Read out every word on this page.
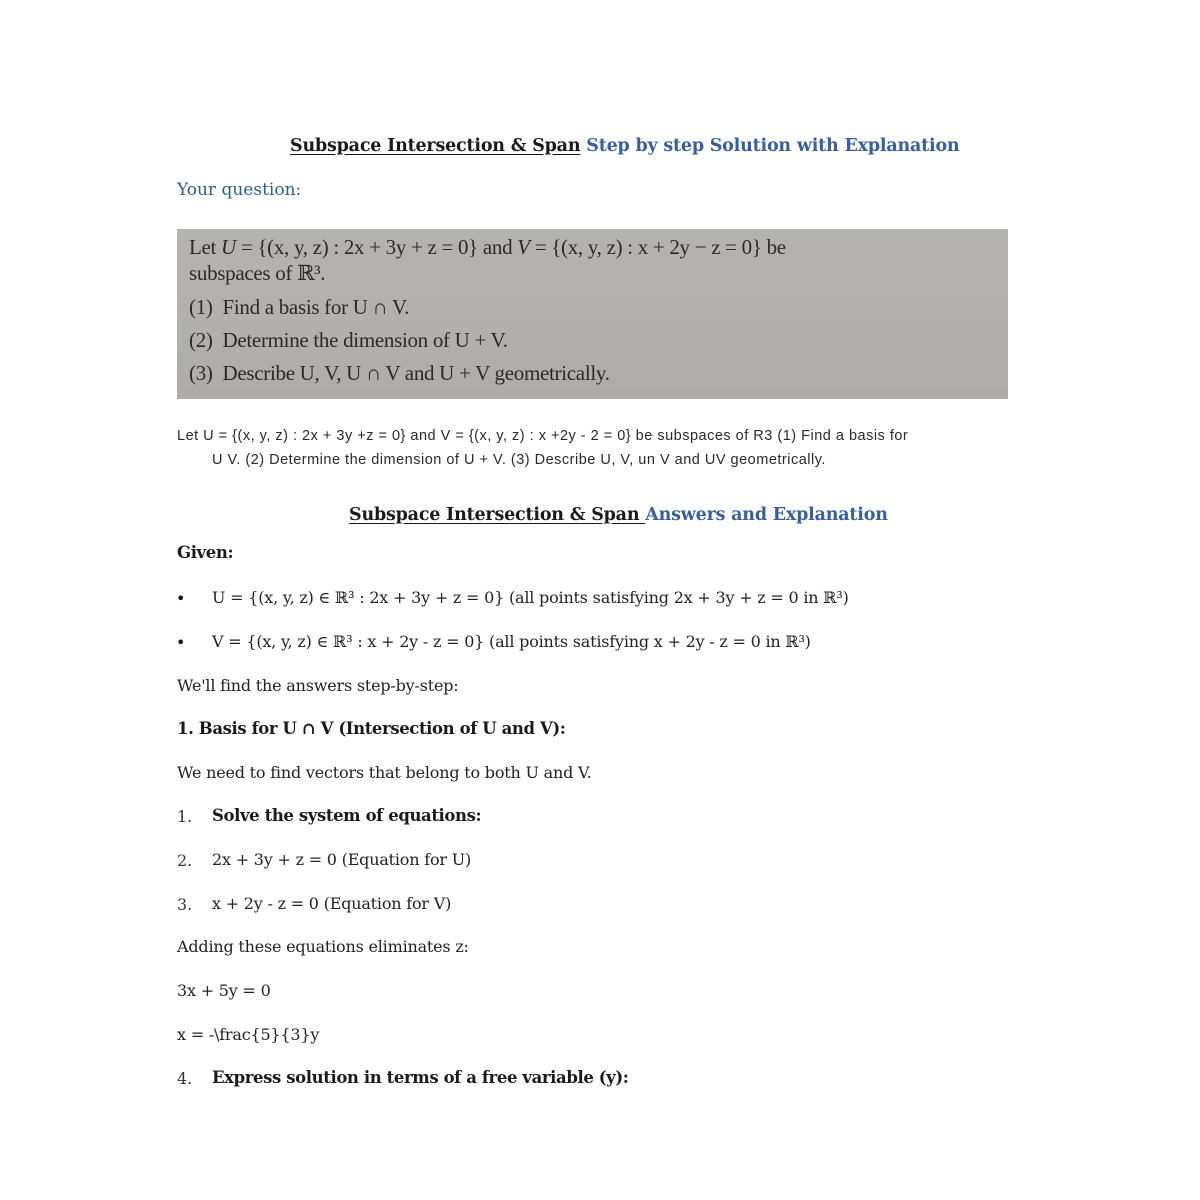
Subspace Intersection & Span Step by step Solution with Explanation
Your question:
Let U = {(x, y, z) : 2x + 3y + z = 0} and V = {(x, y, z) : x + 2y − z = 0} be
subspaces of ℝ³.
(1) Find a basis for U ∩ V.
(2) Determine the dimension of U + V.
(3) Describe U, V, U ∩ V and U + V geometrically.
Let U = {(x, y, z) : 2x + 3y +z = 0} and V = {(x, y, z) : x +2y - 2 = 0} be subspaces of R3 (1) Find a basis for
U V. (2) Determine the dimension of U + V. (3) Describe U, V, un V and UV geometrically.
Subspace Intersection & Span Answers and Explanation
Given:
• U = {(x, y, z) ∈ ℝ³ : 2x + 3y + z = 0} (all points satisfying 2x + 3y + z = 0 in ℝ³)
• V = {(x, y, z) ∈ ℝ³ : x + 2y - z = 0} (all points satisfying x + 2y - z = 0 in ℝ³)
We'll find the answers step-by-step:
1. Basis for U ∩ V (Intersection of U and V):
We need to find vectors that belong to both U and V.
1. Solve the system of equations:
2. 2x + 3y + z = 0 (Equation for U)
3. x + 2y - z = 0 (Equation for V)
Adding these equations eliminates z:
3x + 5y = 0
x = -\frac{5}{3}y
4. Express solution in terms of a free variable (y):
